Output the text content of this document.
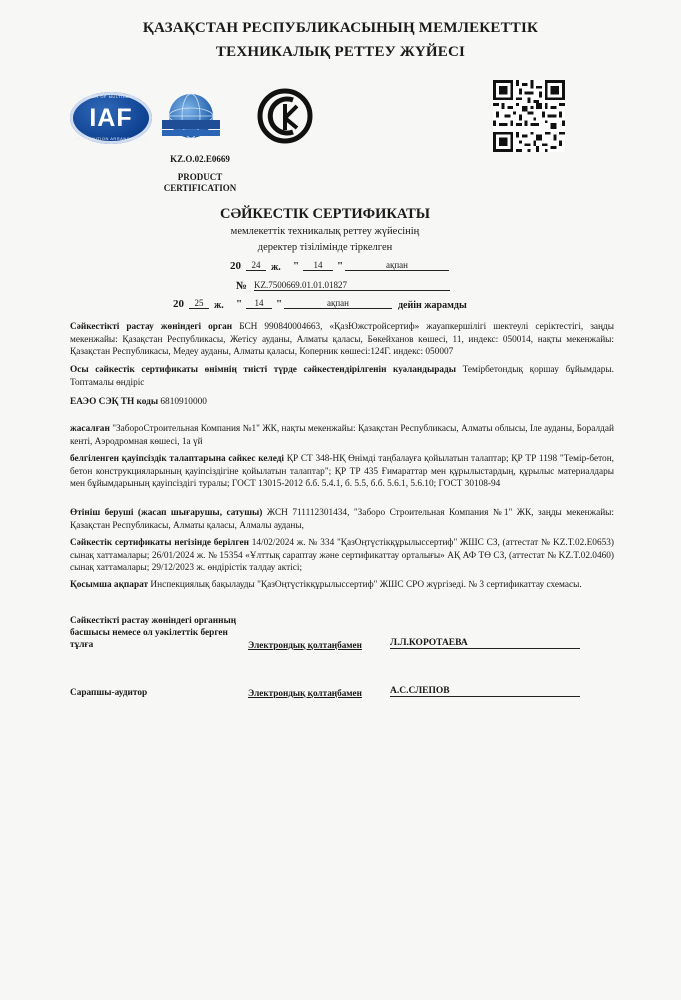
ҚАЗАҚСТАН РЕСПУБЛИКАСЫНЫҢ МЕМЛЕКЕТТІК
ТЕХНИКАЛЫҚ РЕТТЕУ ЖҮЙЕСІ
MEMBER OF MULTILATERAL
IAF
RECOGNITION ARRANGEMENT
KZ.O.02.E0669
PRODUCT
CERTIFICATION
СӘЙКЕСТІК СЕРТИФИКАТЫ
мемлекеттік техникалық реттеу жүйесінің
деректер тізілімінде тіркелген
20	24	ж. "	14	"	ақпан
№ KZ.7500669.01.01.01827
20	25	ж. "	14	"	ақпан	дейін жарамды
Сәйкестікті растау жөніндегі орган БСН 990840004663, «ҚазЮжстройсертиф» жауапкершілігі шектеулі серіктестігі, заңды мекенжайы: Қазақстан Республикасы, Жетісу ауданы, Алматы қаласы, Бөкейханов көшесі, 11, индекс: 050014, нақты мекенжайы: Қазақстан Республикасы, Медеу ауданы, Алматы қаласы, Коперник көшесі:124Г. индекс: 050007
Осы сәйкестік сертификаты өнімнің тиісті түрде сәйкестендірілгенін куәландырады Темірбетондық қоршау бұйымдары. Топтамалы өндіріс
ЕАЭО СЭҚ ТН коды 6810910000
жасалған "ЗабороСтроительная Компания №1" ЖК, нақты мекенжайы: Қазақстан Республикасы, Алматы облысы, Іле ауданы, Боралдай кенті, Аэродромная көшесі, 1а үй
белгіленген қауіпсіздік талаптарына сәйкес келеді ҚР СТ 348-НҚ Өнімді таңбалауға қойылатын талаптар; ҚР ТР 1198 "Темір-бетон, бетон конструкцияларының қауіпсіздігіне қойылатын талаптар"; ҚР ТР 435 Ғимараттар мен құрылыстардың, құрылыс материалдары мен бұйымдарының қауіпсіздігі туралы; ГОСТ 13015-2012 б.б. 5.4.1, б. 5.5, б.б. 5.6.1, 5.6.10; ГОСТ 30108-94
Өтініш беруші (жасап шығарушы, сатушы) ЖСН 711112301434, "Заборо Строительная Компания №1" ЖК, заңды мекенжайы: Қазақстан Республикасы, Алматы қаласы, Алмалы ауданы,
Сәйкестік сертификаты негізінде берілген 14/02/2024 ж. № 334 "ҚазОңтүстікқұрылыссертиф" ЖШС СЗ, (аттестат № KZ.T.02.E0653) сынақ хаттамалары; 26/01/2024 ж. № 15354 «Ұлттық сараптау және сертификаттау орталығы» АҚ АФ ТӨ СЗ, (аттестат № KZ.T.02.0460) сынақ хаттамалары; 29/12/2023 ж. өндірістік талдау актісі;
Қосымша ақпарат Инспекциялық бақылауды "ҚазОңтүстікқұрылыссертиф" ЖШС СРО жүргізеді. № 3 сертификаттау схемасы.
Сәйкестікті растау жөніндегі органның
басшысы немесе ол уәкілеттік берген
тұлға	Электрондық қолтаңбамен	Л.Л.КОРОТАЕВА
Сарапшы-аудитор	Электрондық қолтаңбамен	А.С.СЛЕПОВ
